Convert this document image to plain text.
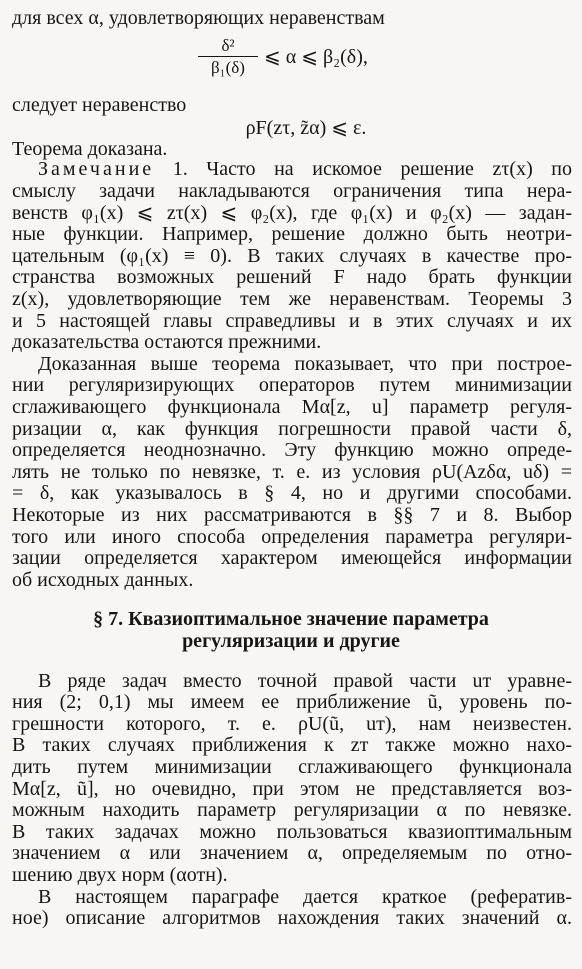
для всех α, удовлетворяющих неравенствам
δ²
β₁(δ) ⩽ α ⩽ β₂(δ),
следует неравенство
ρF(zτ, z̃α) ⩽ ε.
Теорема доказана.
Замечание 1. Часто на искомое решение zτ(x) по
смыслу задачи накладываются ограничения типа нера-
венств φ₁(x) ⩽ zτ(x) ⩽ φ₂(x), где φ₁(x) и φ₂(x) — задан-
ные функции. Например, решение должно быть неотри-
цательным (φ₁(x) ≡ 0). В таких случаях в качестве про-
странства возможных решений F надо брать функции
z(x), удовлетворяющие тем же неравенствам. Теоремы 3
и 5 настоящей главы справедливы и в этих случаях и их
доказательства остаются прежними.
Доказанная выше теорема показывает, что при построе-
нии регуляризирующих операторов путем минимизации
сглаживающего функционала Mα[z, u] параметр регуля-
ризации α, как функция погрешности правой части δ,
определяется неоднозначно. Эту функцию можно опреде-
лять не только по невязке, т. е. из условия ρU(Azδα, uδ) =
= δ, как указывалось в § 4, но и другими способами.
Некоторые из них рассматриваются в §§ 7 и 8. Выбор
того или иного способа определения параметра регуляри-
зации определяется характером имеющейся информации
об исходных данных.
§ 7. Квазиоптимальное значение параметра
регуляризации и другие
В ряде задач вместо точной правой части uт уравне-
ния (2; 0,1) мы имеем ее приближение ũ, уровень по-
грешности которого, т. е. ρU(ũ, uт), нам неизвестен.
В таких случаях приближения к zт также можно нахо-
дить путем минимизации сглаживающего функционала
Mα[z, ũ], но очевидно, при этом не представляется воз-
можным находить параметр регуляризации α по невязке.
В таких задачах можно пользоваться квазиоптимальным
значением α или значением α, определяемым по отно-
шению двух норм (αотн).
В настоящем параграфе дается краткое (рефератив-
ное) описание алгоритмов нахождения таких значений α.
